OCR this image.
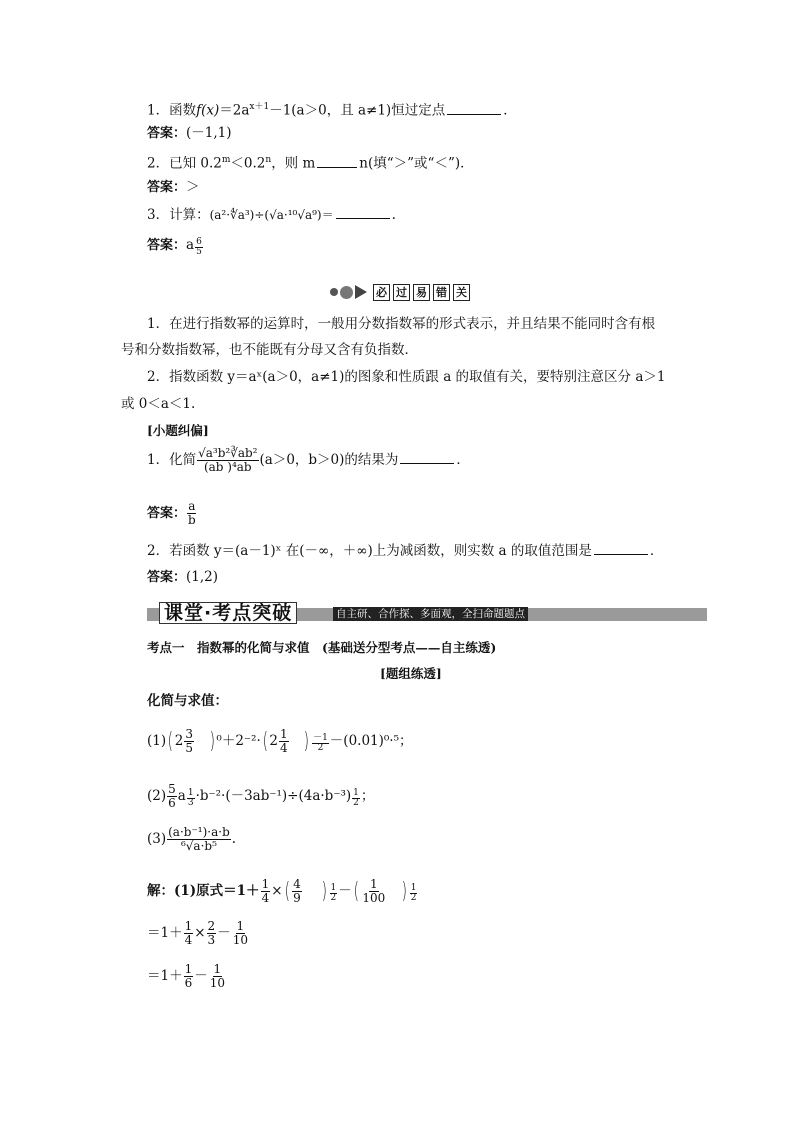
1．函数$f(x)=2a^{x+1}-1(a>0$，且 a≠1)恒过定点	．
答案：(－1,1)
2．已知 $0.2^m<0.2^n$，则 m	n(填“＞”或“＜”)．
答案：＞
3．计算：(a²·∜a³)÷(√a·¹⁰√a⁹)＝	.
答案：a $\frac{6}{5}$
必 过 易 错 关
1．在进行指数幂的运算时，一般用分数指数幂的形式表示，并且结果不能同时含有根
号和分数指数幂，也不能既有分母又含有负指数．
2．指数函数 y＝aˣ(a＞0，a≠1)的图象和性质跟 a 的取值有关，要特别注意区分 a＞1
或 0＜a＜1.
[小题纠偏]
1．化简 $\frac{\text{√a³b²∛ab²}}{\text{(ab )⁴ab}} (a>0$，b＞0)的结果为	．
答案： $\frac{a}{b}$
2．若函数 y＝(a－1)ˣ 在(－∞，＋∞)上为减函数，则实数 a 的取值范围是	．
答案：(1,2)
课堂·考点突破	自主研、合作探、多面观，全扫命题题点
考点一　指数幂的化简与求值　(基础送分型考点——自主练透)
[题组练透]
化简与求值：
(1)( $2 \frac{3}{5}$ ) ⁰＋2⁻²·( $2 \frac{1}{4}$ ) $\frac{-1}{2} -(0.01)^0\cdot^5$；
$(2) \frac{5}{6}$ a $\frac{1}{3} \cdot b^{-2}\cdot(-3ab^{-1})\div(4a\cdot b^{-3}) \frac{1}{2}$ ；
$(3) \frac{\text{(a·b⁻¹)·a·b}}{\text{⁶√a·b⁵}}$ .
解：(1)原式$=1+ \frac{1}{4}$ ×( $\frac{4}{9}$ ) $\frac{1}{2}$ －( $\frac{1}{100}$ ) $\frac{1}{2}$
$=1+ \frac{1}{4} \times \frac{2}{3} - \frac{1}{10}$
$=1+ \frac{1}{6} - \frac{1}{10}$
